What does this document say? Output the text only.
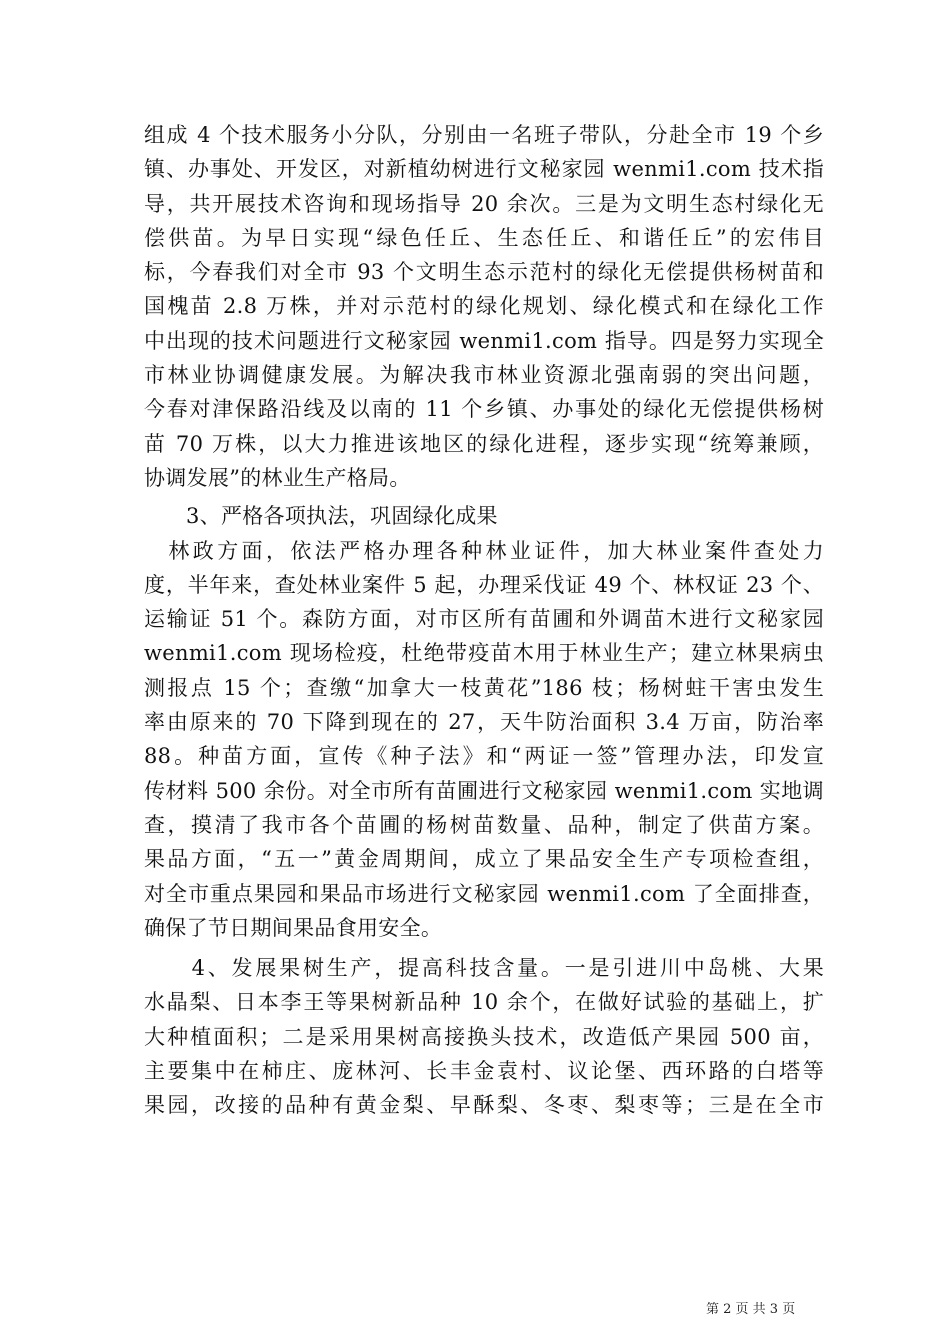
组成 4 个技术服务小分队，分别由一名班子带队，分赴全市 19 个乡
镇、办事处、开发区，对新植幼树进行文秘家园 wenmi1.com 技术指
导，共开展技术咨询和现场指导 20 余次。三是为文明生态村绿化无
偿供苗。为早日实现“绿色任丘、生态任丘、和谐任丘”的宏伟目
标，今春我们对全市 93 个文明生态示范村的绿化无偿提供杨树苗和
国槐苗 2.8 万株，并对示范村的绿化规划、绿化模式和在绿化工作
中出现的技术问题进行文秘家园 wenmi1.com 指导。四是努力实现全
市林业协调健康发展。为解决我市林业资源北强南弱的突出问题，
今春对津保路沿线及以南的 11 个乡镇、办事处的绿化无偿提供杨树
苗 70 万株，以大力推进该地区的绿化进程，逐步实现“统筹兼顾，
协调发展”的林业生产格局。

3、严格各项执法，巩固绿化成果

　林政方面，依法严格办理各种林业证件，加大林业案件查处力
度，半年来，查处林业案件 5 起，办理采伐证 49 个、林权证 23 个、
运输证 51 个。森防方面，对市区所有苗圃和外调苗木进行文秘家园
wenmi1.com 现场检疫，杜绝带疫苗木用于林业生产；建立林果病虫
测报点 15 个；查缴“加拿大一枝黄花”186 枝；杨树蛀干害虫发生
率由原来的 70 下降到现在的 27，天牛防治面积 3.4 万亩，防治率
88。种苗方面，宣传《种子法》和“两证一签”管理办法，印发宣
传材料 500 余份。对全市所有苗圃进行文秘家园 wenmi1.com 实地调
查，摸清了我市各个苗圃的杨树苗数量、品种，制定了供苗方案。
果品方面，“五一”黄金周期间，成立了果品安全生产专项检查组，
对全市重点果园和果品市场进行文秘家园 wenmi1.com 了全面排查，
确保了节日期间果品食用安全。

　　4、发展果树生产，提高科技含量。一是引进川中岛桃、大果
水晶梨、日本李王等果树新品种 10 余个，在做好试验的基础上，扩
大种植面积；二是采用果树高接换头技术，改造低产果园 500 亩，
主要集中在柿庄、庞林河、长丰金袁村、议论堡、西环路的白塔等
果园，改接的品种有黄金梨、早酥梨、冬枣、梨枣等；三是在全市

第 2 页 共 3 页
